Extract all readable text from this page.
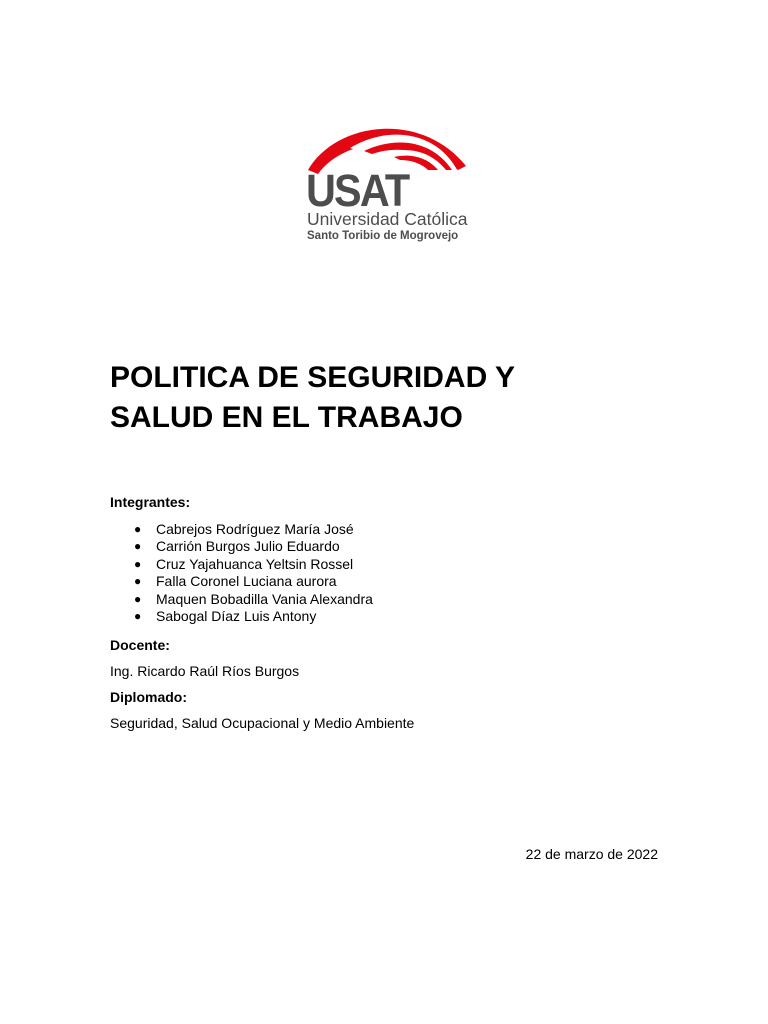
USAT
Universidad Católica
Santo Toribio de Mogrovejo
POLITICA DE SEGURIDAD Y
SALUD EN EL TRABAJO

Integrantes:

● Cabrejos Rodríguez María José
● Carrión Burgos Julio Eduardo
● Cruz Yajahuanca Yeltsin Rossel
● Falla Coronel Luciana aurora
● Maquen Bobadilla Vania Alexandra
● Sabogal Díaz Luis Antony

Docente:

Ing. Ricardo Raúl Ríos Burgos

Diplomado:

Seguridad, Salud Ocupacional y Medio Ambiente

22 de marzo de 2022
